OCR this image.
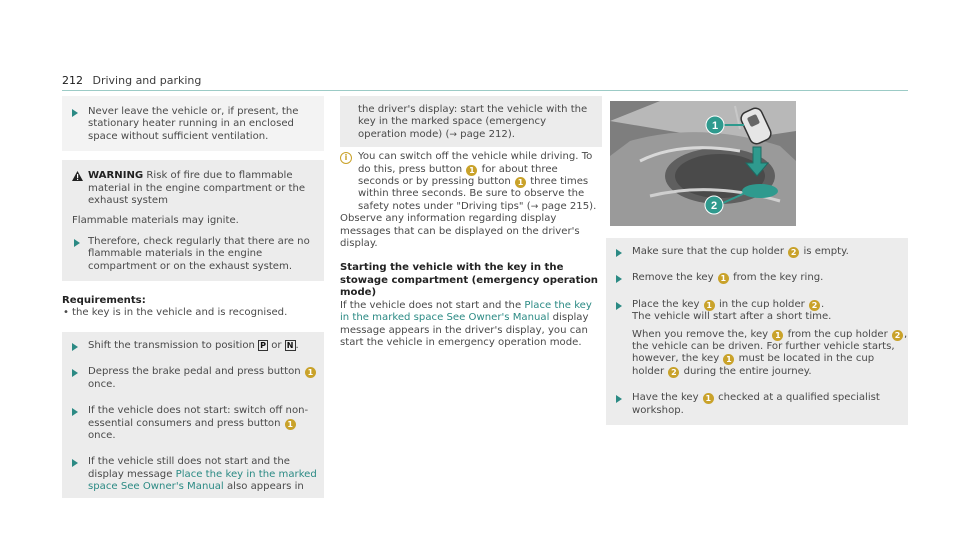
212 Driving and parking
Never leave the vehicle or, if present, the stationary heater running in an enclosed space without sufficient ventilation.
WARNING Risk of fire due to flammable material in the engine compartment or the exhaust system
Flammable materials may ignite.
Therefore, check regularly that there are no flammable materials in the engine compartment or on the exhaust system.
Requirements:
• the key is in the vehicle and is recognised.
Shift the transmission to position P or N .
Depress the brake pedal and press button 1 once.
If the vehicle does not start: switch off non-essential consumers and press button 1 once.
If the vehicle still does not start and the display message Place the key in the marked space See Owner's Manual also appears in
the driver's display: start the vehicle with the key in the marked space (emergency operation mode) (→ page 212).
i	You can switch off the vehicle while driving. To do this, press button 1 for about three seconds or by pressing button 1 three times within three seconds. Be sure to observe the safety notes under "Driving tips" (→ page 215).
Observe any information regarding display messages that can be displayed on the driver's display.
Starting the vehicle with the key in the stowage compartment (emergency operation mode)
If the vehicle does not start and the Place the key in the marked space See Owner's Manual display message appears in the driver's display, you can start the vehicle in emergency operation mode.
1
2
Make sure that the cup holder 2 is empty.
Remove the key 1 from the key ring.
Place the key 1 in the cup holder 2 .
The vehicle will start after a short time.
When you remove the, key 1 from the cup holder 2 , the vehicle can be driven. For further vehicle starts, however, the key 1 must be located in the cup holder 2 during the entire journey.
Have the key 1 checked at a qualified specialist workshop.
